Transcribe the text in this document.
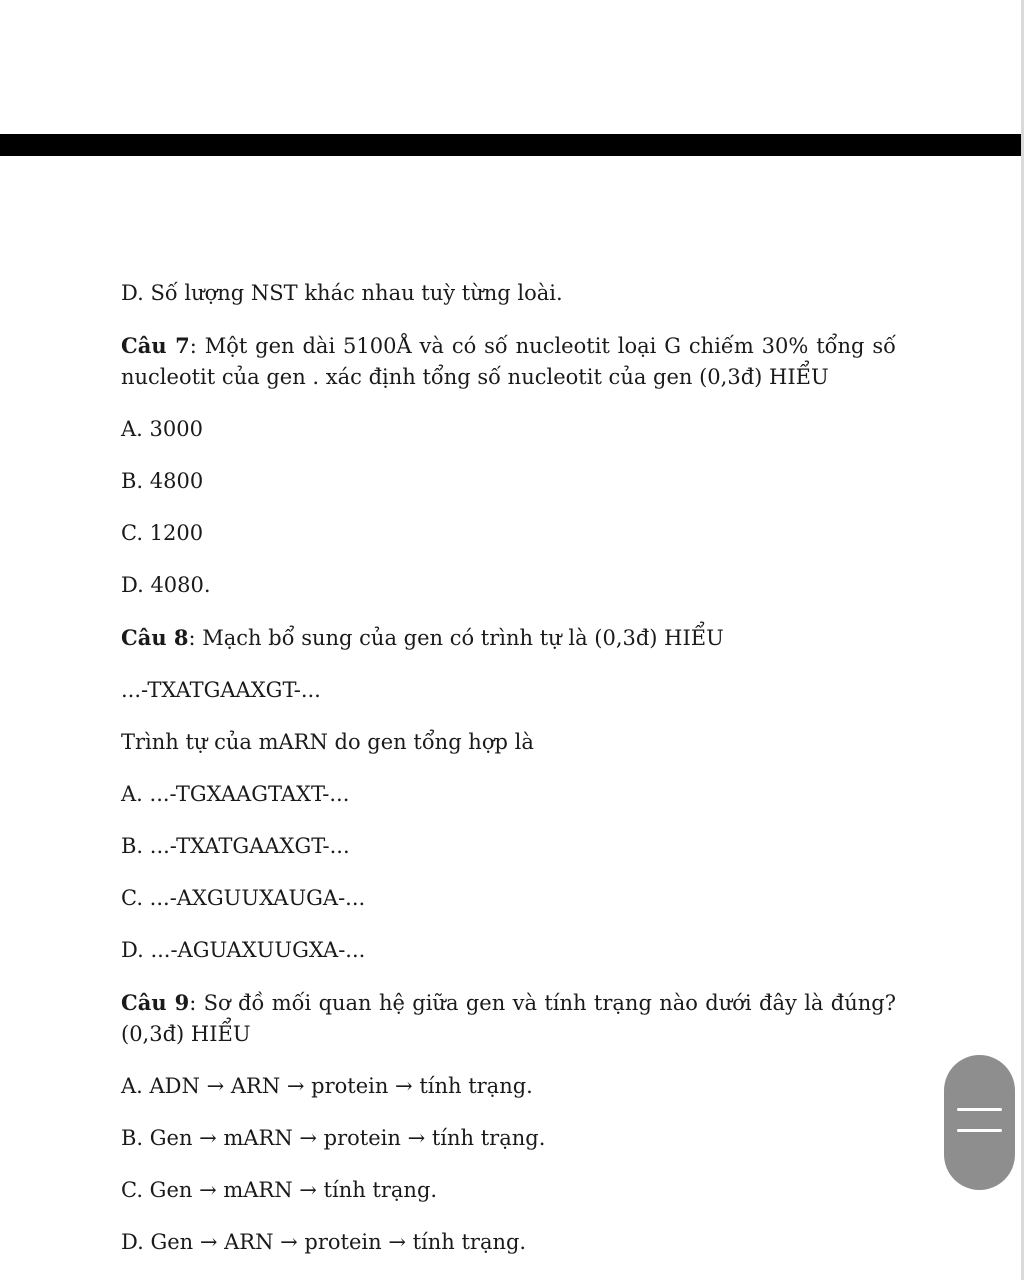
D. Số lượng NST khác nhau tuỳ từng loài.

Câu 7: Một gen dài 5100Å và có số nucleotit loại G chiếm 30% tổng số nucleotit của gen . xác định tổng số nucleotit của gen (0,3đ) HIỂU

A. 3000

B. 4800

C. 1200

D. 4080.

Câu 8: Mạch bổ sung của gen có trình tự là (0,3đ) HIỂU

...-TXATGAAXGT-...

Trình tự của mARN do gen tổng hợp là

A. ...-TGXAAGTAXT-...

B. ...-TXATGAAXGT-...

C. ...-AXGUUXAUGA-...

D. ...-AGUAXUUGXA-...

Câu 9: Sơ đồ mối quan hệ giữa gen và tính trạng nào dưới đây là đúng? (0,3đ) HIỂU

A. ADN → ARN → protein → tính trạng.

B. Gen → mARN → protein → tính trạng.

C. Gen → mARN → tính trạng.

D. Gen → ARN → protein → tính trạng.
